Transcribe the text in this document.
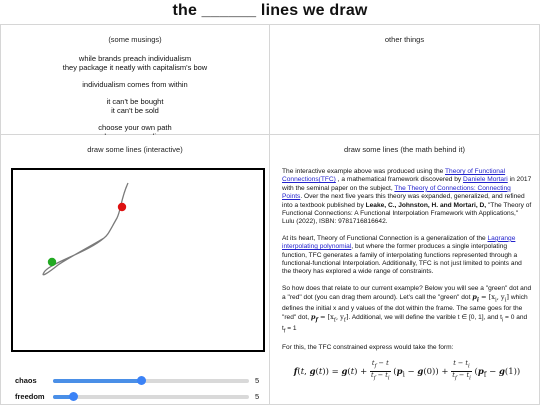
the ______ lines we draw
(some musings)
while brands preach individualism
they package it neatly with capitalism's bow
individualism comes from within
it can't be bought
it can't be sold
choose your own path
other things
draw some lines (interactive)
chaos	5
freedom	5
draw some lines (the math behind it)

The interactive example above was produced using the Theory of Functional Connections(TFC) , a mathematical framework discovered by Daniele Mortari in 2017 with the seminal paper on the subject, The Theory of Connections: Connecting Points. Over the next five years this theory was expanded, generalized, and refined into a textbook published by Leake, C., Johnston, H. and Mortari, D, "The Theory of Functional Connections: A Functional Interpolation Framework with Applications," Lulu (2022), ISBN: 9781716816642.

At its heart, Theory of Functional Connection is a generalization of the Lagrange interpolating polynomial, but where the former produces a single interpolating function, TFC generates a family of interpolating functions represented through a functional-functional Interpolation. Additionally, TFC is not just limited to points and the theory has explored a wide range of constraints.

So how does that relate to our current example? Below you will see a "green" dot and a "red" dot (you can drag them around). Let's call the "green" dot $p_i = [x_i$, $y_i$] which defines the initial x and y values of the dot within the frame. The same goes for the "red" dot, $p_f = [x_f$, $y_f$]. Additional, we will define the varible t ∈ [0, 1], and $t_i = 0$ and $t_f = 1$

For this, the TFC constrained express would take the form:

f(t, $g(t)) = g(t) + \frac{t_f - t}{t_f - t_i} (p_i - g(0)) + \frac{t - t_i}{t_f - t_i} (p_f - g(1))$
